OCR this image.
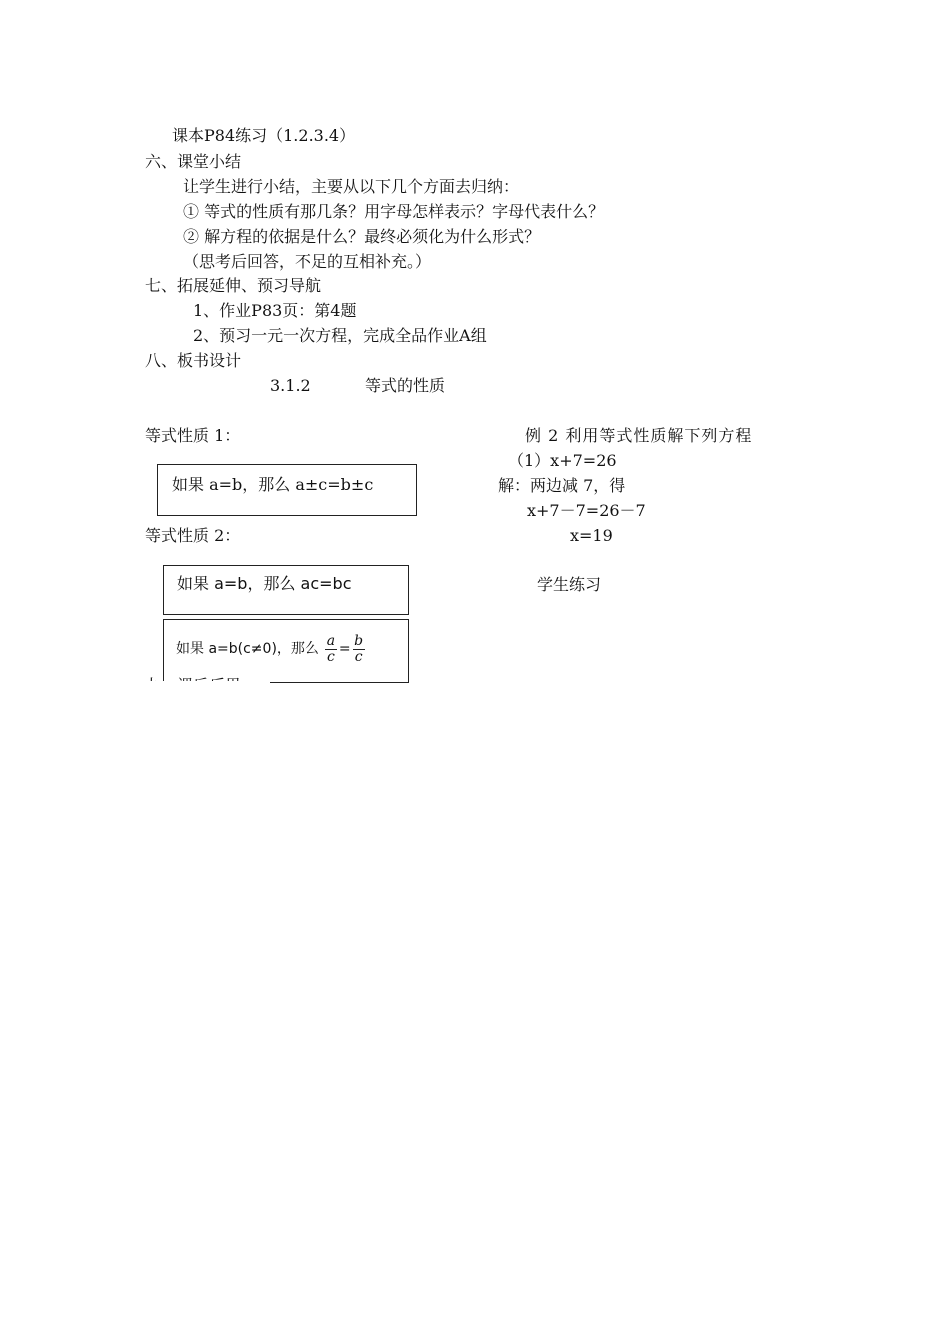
课本P84练习（1.2.3.4）
六、课堂小结
让学生进行小结，主要从以下几个方面去归纳：
① 等式的性质有那几条？用字母怎样表示？字母代表什么？
② 解方程的依据是什么？最终必须化为什么形式？
（思考后回答，不足的互相补充。）
七、拓展延伸、预习导航
1、作业P83页：第4题
2、预习一元一次方程，完成全品作业A组
八、板书设计
3.1.2	等式的性质
等式性质 1：
如果 a=b，那么 a±c=b±c
等式性质 2：
如果 a=b，那么 ac=bc
如果 a=b(c≠0)，那么 $\frac{a}{c} = \frac{b}{c}$
例 2 利用等式性质解下列方程
（1）x+7=26
解：两边减 7，得
x+7－7=26－7
x=19
学生练习
